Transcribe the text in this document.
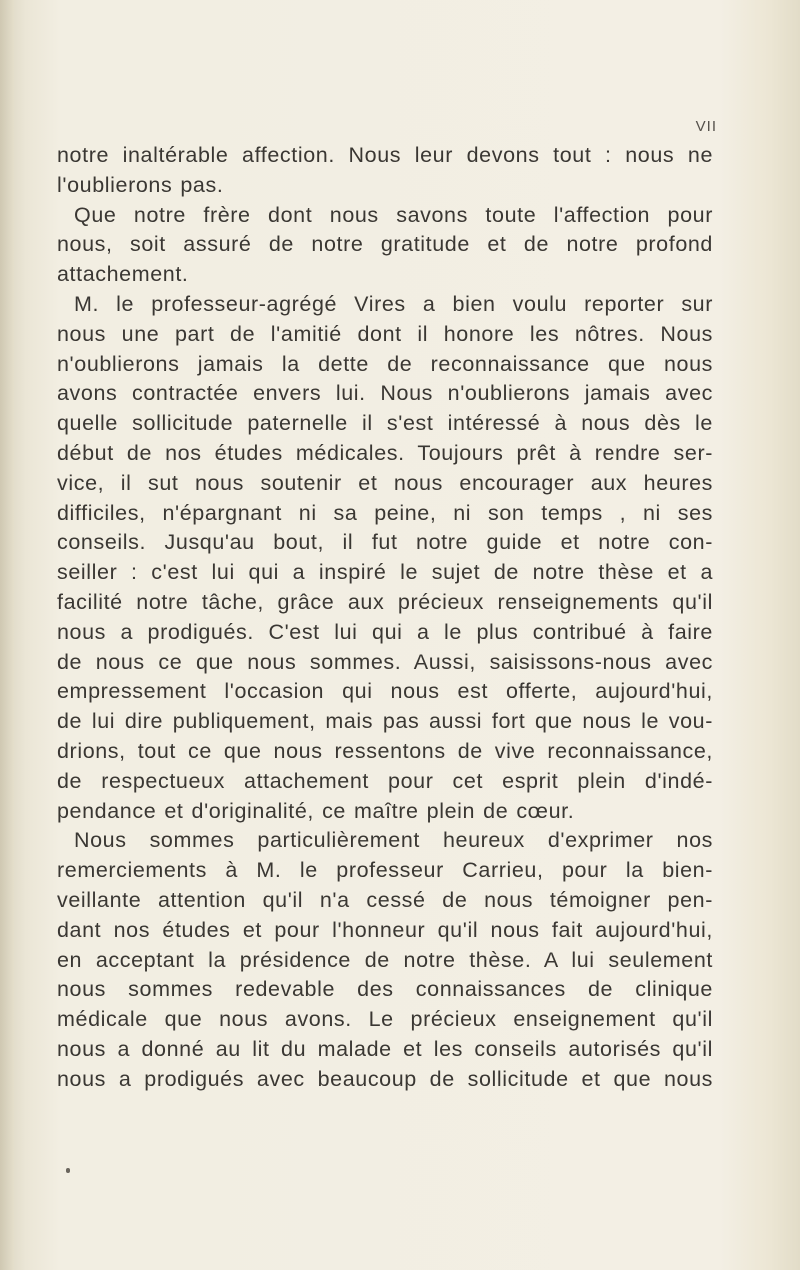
VII
notre inaltérable affection. Nous leur devons tout : nous ne
l'oublierons pas.
Que notre frère dont nous savons toute l'affection pour
nous, soit assuré de notre gratitude et de notre profond
attachement.
M. le professeur-agrégé Vires a bien voulu reporter sur
nous une part de l'amitié dont il honore les nôtres. Nous
n'oublierons jamais la dette de reconnaissance que nous
avons contractée envers lui. Nous n'oublierons jamais avec
quelle sollicitude paternelle il s'est intéressé à nous dès le
début de nos études médicales. Toujours prêt à rendre ser-
vice, il sut nous soutenir et nous encourager aux heures
difficiles, n'épargnant ni sa peine, ni son temps , ni ses
conseils. Jusqu'au bout, il fut notre guide et notre con-
seiller : c'est lui qui a inspiré le sujet de notre thèse et a
facilité notre tâche, grâce aux précieux renseignements qu'il
nous a prodigués. C'est lui qui a le plus contribué à faire
de nous ce que nous sommes. Aussi, saisissons-nous avec
empressement l'occasion qui nous est offerte, aujourd'hui,
de lui dire publiquement, mais pas aussi fort que nous le vou-
drions, tout ce que nous ressentons de vive reconnaissance,
de respectueux attachement pour cet esprit plein d'indé-
pendance et d'originalité, ce maître plein de cœur.
Nous sommes particulièrement heureux d'exprimer nos
remerciements à M. le professeur Carrieu, pour la bien-
veillante attention qu'il n'a cessé de nous témoigner pen-
dant nos études et pour l'honneur qu'il nous fait aujourd'hui,
en acceptant la présidence de notre thèse. A lui seulement
nous sommes redevable des connaissances de clinique
médicale que nous avons. Le précieux enseignement qu'il
nous a donné au lit du malade et les conseils autorisés qu'il
nous a prodigués avec beaucoup de sollicitude et que nous
